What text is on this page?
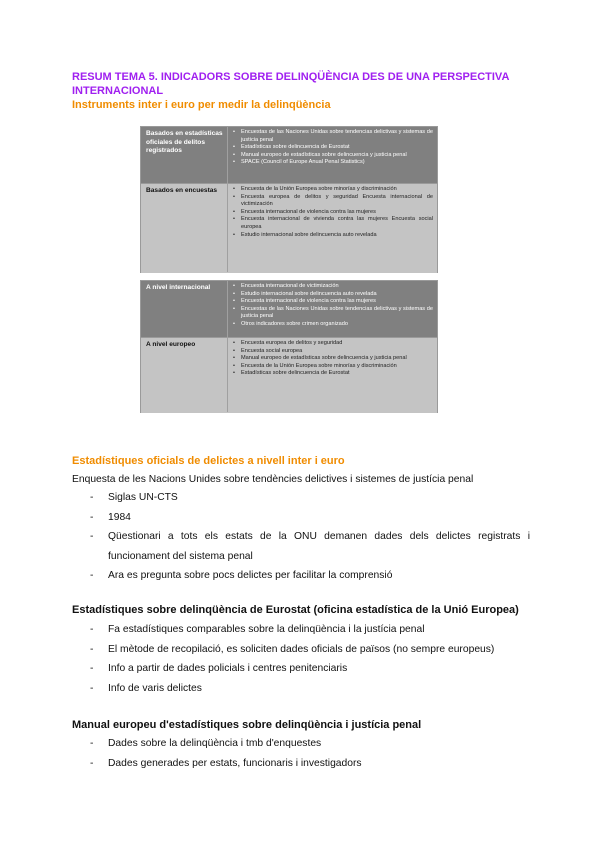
RESUM TEMA 5. INDICADORS SOBRE DELINQÜÈNCIA DES DE UNA PERSPECTIVA INTERNACIONAL
Instruments inter i euro per medir la delinqüència
Basados en estadísticas oficiales de delitos registrados
• Encuestas de las Naciones Unidas sobre tendencias delictivas y sistemas de justicia penal
• Estadísticas sobre delincuencia de Eurostat
• Manual europeo de estadísticas sobre delincuencia y justicia penal
• SPACE (Council of Europe Anual Penal Statistics)
Basados en encuestas	• Encuesta de la Unión Europea sobre minorías y discriminación
• Encuesta europea de delitos y seguridad Encuesta internacional de victimización
• Encuesta internacional de violencia contra las mujeres
• Encuesta internacional de vivienda contra las mujeres Encuesta social europea
• Estudio internacional sobre delincuencia auto revelada
A nivel internacional	• Encuesta internacional de victimización
• Estudio internacional sobre delincuencia auto revelada
• Encuesta internacional de violencia contra las mujeres
• Encuestas de las Naciones Unidas sobre tendencias delictivas y sistemas de justicia penal
• Otros indicadores sobre crimen organizado
A nivel europeo	• Encuesta europea de delitos y seguridad
• Encuesta social europea
• Manual europeo de estadísticas sobre delincuencia y justicia penal
• Encuesta de la Unión Europea sobre minorías y discriminación
• Estadísticas sobre delincuencia de Eurostat
Estadístiques oficials de delictes a nivell inter i euro
Enquesta de les Nacions Unides sobre tendències delictives i sistemes de justícia penal
- Siglas UN-CTS
- 1984
- Qüestionari a tots els estats de la ONU demanen dades dels delictes registrats i funcionament del sistema penal
- Ara es pregunta sobre pocs delictes per facilitar la comprensió
Estadístiques sobre delinqüència de Eurostat (oficina estadística de la Unió Europea)
- Fa estadístiques comparables sobre la delinqüència i la justícia penal
- El mètode de recopilació, es soliciten dades oficials de països (no sempre europeus)
- Info a partir de dades policials i centres penitenciaris
- Info de varis delictes
Manual europeu d'estadístiques sobre delinqüència i justícia penal
- Dades sobre la delinqüència i tmb d'enquestes
- Dades generades per estats, funcionaris i investigadors
